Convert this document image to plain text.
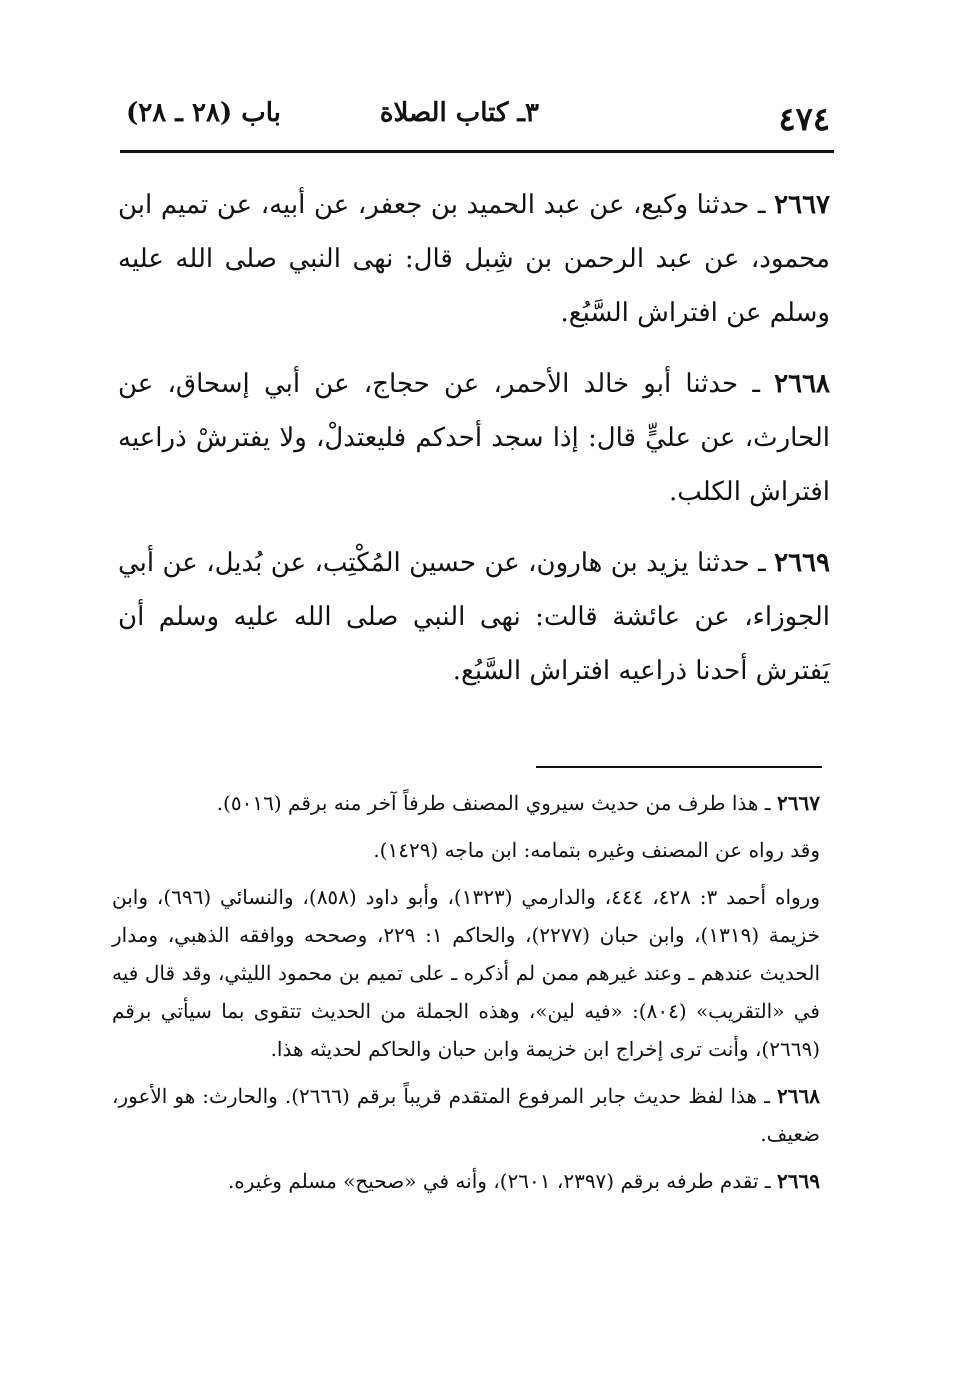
٤٧٤
٣ـ كتاب الصلاة
باب (٢٨ ـ ٢٨)

٢٦٦٧ ـ حدثنا وكيع، عن عبد الحميد بن جعفر، عن أبيه، عن تميم ابن محمود، عن عبد الرحمن بن شِبل قال: نهى النبي صلى الله عليه وسلم عن افتراش السَّبُع.

٢٦٦٨ ـ حدثنا أبو خالد الأحمر، عن حجاج، عن أبي إسحاق، عن الحارث، عن عليٍّ قال: إذا سجد أحدكم فليعتدلْ، ولا يفترشْ ذراعيه افتراش الكلب.

٢٦٦٩ ـ حدثنا يزيد بن هارون، عن حسين المُكْتِب، عن بُديل، عن أبي الجوزاء، عن عائشة قالت: نهى النبي صلى الله عليه وسلم أن يَفترش أحدنا ذراعيه افتراش السَّبُع.

٢٦٦٧ ـ هذا طرف من حديث سيروي المصنف طرفاً آخر منه برقم (٥٠١٦).

وقد رواه عن المصنف وغيره بتمامه: ابن ماجه (١٤٢٩).

ورواه أحمد ٣: ٤٢٨، ٤٤٤، والدارمي (١٣٢٣)، وأبو داود (٨٥٨)، والنسائي (٦٩٦)، وابن خزيمة (١٣١٩)، وابن حبان (٢٢٧٧)، والحاكم ١: ٢٢٩، وصححه ووافقه الذهبي، ومدار الحديث عندهم ـ وعند غيرهم ممن لم أذكره ـ على تميم بن محمود الليثي، وقد قال فيه في «التقريب» (٨٠٤): «فيه لين»، وهذه الجملة من الحديث تتقوى بما سيأتي برقم (٢٦٦٩)، وأنت ترى إخراج ابن خزيمة وابن حبان والحاكم لحديثه هذا.

٢٦٦٨ ـ هذا لفظ حديث جابر المرفوع المتقدم قريباً برقم (٢٦٦٦). والحارث: هو الأعور، ضعيف.

٢٦٦٩ ـ تقدم طرفه برقم (٢٣٩٧، ٢٦٠١)، وأنه في «صحيح» مسلم وغيره.
